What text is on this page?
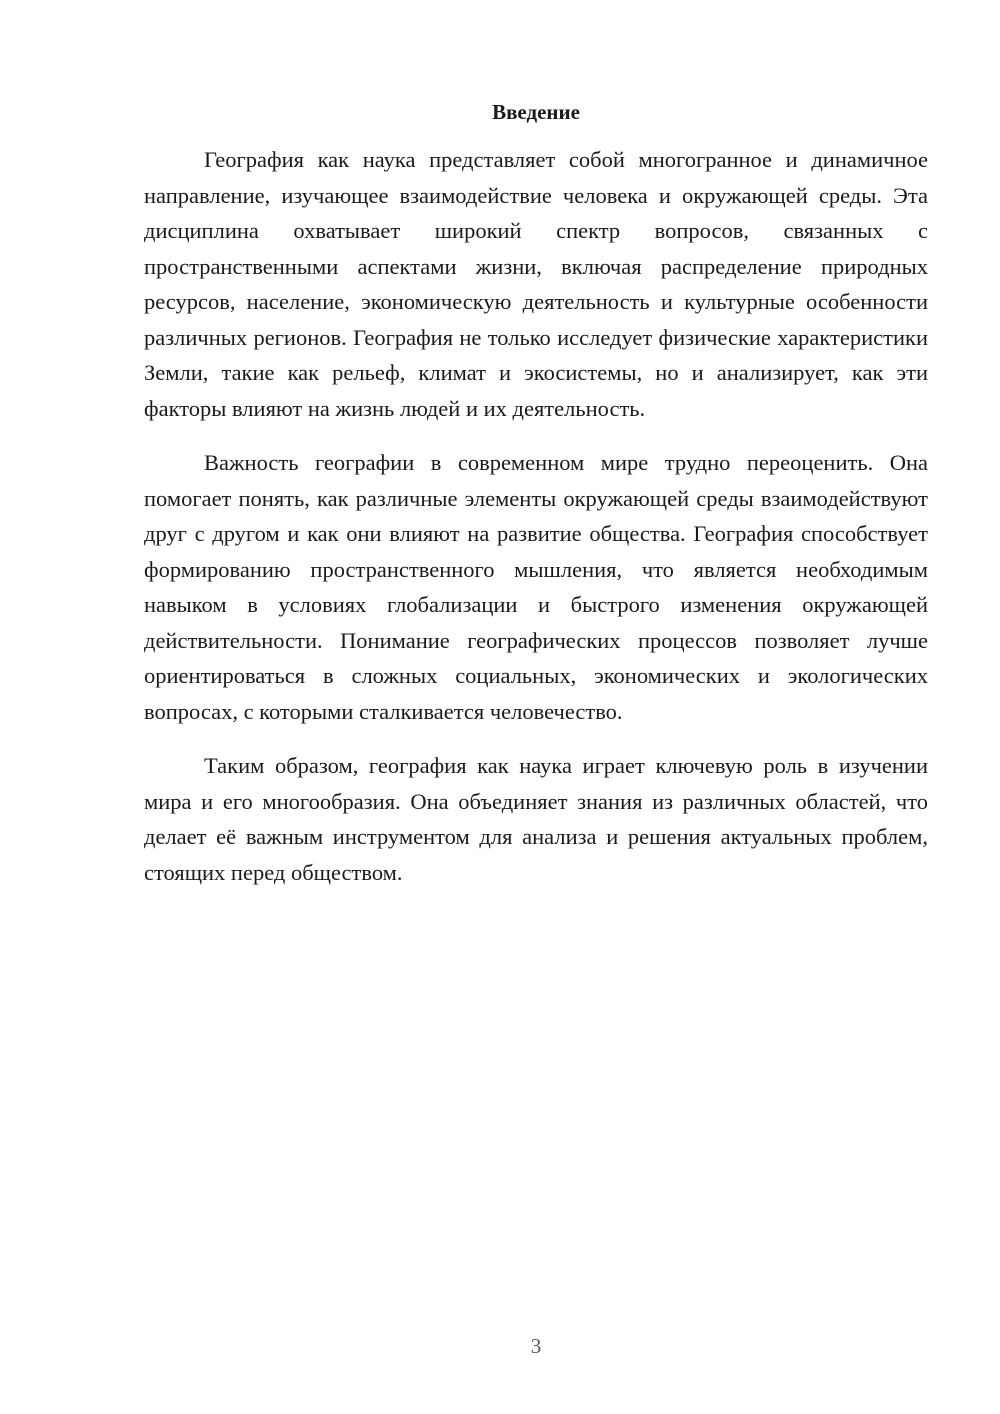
Введение

География как наука представляет собой многогранное и динамичное направление, изучающее взаимодействие человека и окружающей среды. Эта дисциплина охватывает широкий спектр вопросов, связанных с пространственными аспектами жизни, включая распределение природных ресурсов, население, экономическую деятельность и культурные особенности различных регионов. География не только исследует физические характеристики Земли, такие как рельеф, климат и экосистемы, но и анализирует, как эти факторы влияют на жизнь людей и их деятельность.

Важность географии в современном мире трудно переоценить. Она помогает понять, как различные элементы окружающей среды взаимодействуют друг с другом и как они влияют на развитие общества. География способствует формированию пространственного мышления, что является необходимым навыком в условиях глобализации и быстрого изменения окружающей действительности. Понимание географических процессов позволяет лучше ориентироваться в сложных социальных, экономических и экологических вопросах, с которыми сталкивается человечество.

Таким образом, география как наука играет ключевую роль в изучении мира и его многообразия. Она объединяет знания из различных областей, что делает её важным инструментом для анализа и решения актуальных проблем, стоящих перед обществом.

3
